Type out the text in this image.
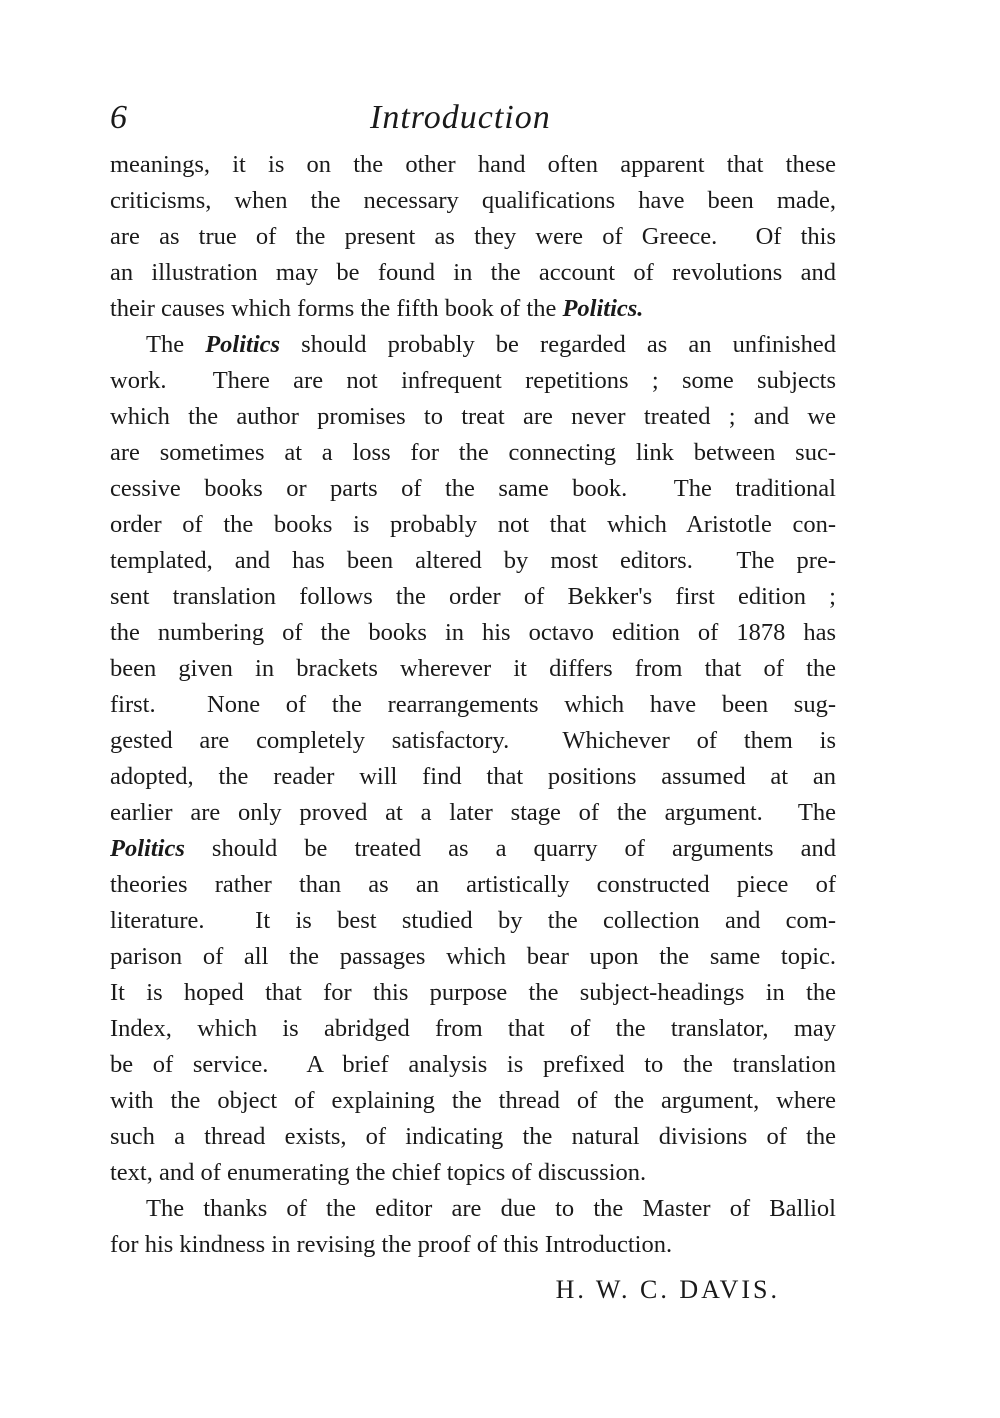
6	Introduction
meanings, it is on the other hand often apparent that these
criticisms, when the necessary qualifications have been made,
are as true of the present as they were of Greece.  Of this
an illustration may be found in the account of revolutions and
their causes which forms the fifth book of the Politics.
The Politics should probably be regarded as an unfinished
work.  There are not infrequent repetitions ; some subjects
which the author promises to treat are never treated ; and we
are sometimes at a loss for the connecting link between suc-
cessive books or parts of the same book.  The traditional
order of the books is probably not that which Aristotle con-
templated, and has been altered by most editors.  The pre-
sent translation follows the order of Bekker's first edition ;
the numbering of the books in his octavo edition of 1878 has
been given in brackets wherever it differs from that of the
first.  None of the rearrangements which have been sug-
gested are completely satisfactory.  Whichever of them is
adopted, the reader will find that positions assumed at an
earlier are only proved at a later stage of the argument.  The
Politics should be treated as a quarry of arguments and
theories rather than as an artistically constructed piece of
literature.  It is best studied by the collection and com-
parison of all the passages which bear upon the same topic.
It is hoped that for this purpose the subject-headings in the
Index, which is abridged from that of the translator, may
be of service.  A brief analysis is prefixed to the translation
with the object of explaining the thread of the argument, where
such a thread exists, of indicating the natural divisions of the
text, and of enumerating the chief topics of discussion.
The thanks of the editor are due to the Master of Balliol
for his kindness in revising the proof of this Introduction.
H. W. C. DAVIS.
